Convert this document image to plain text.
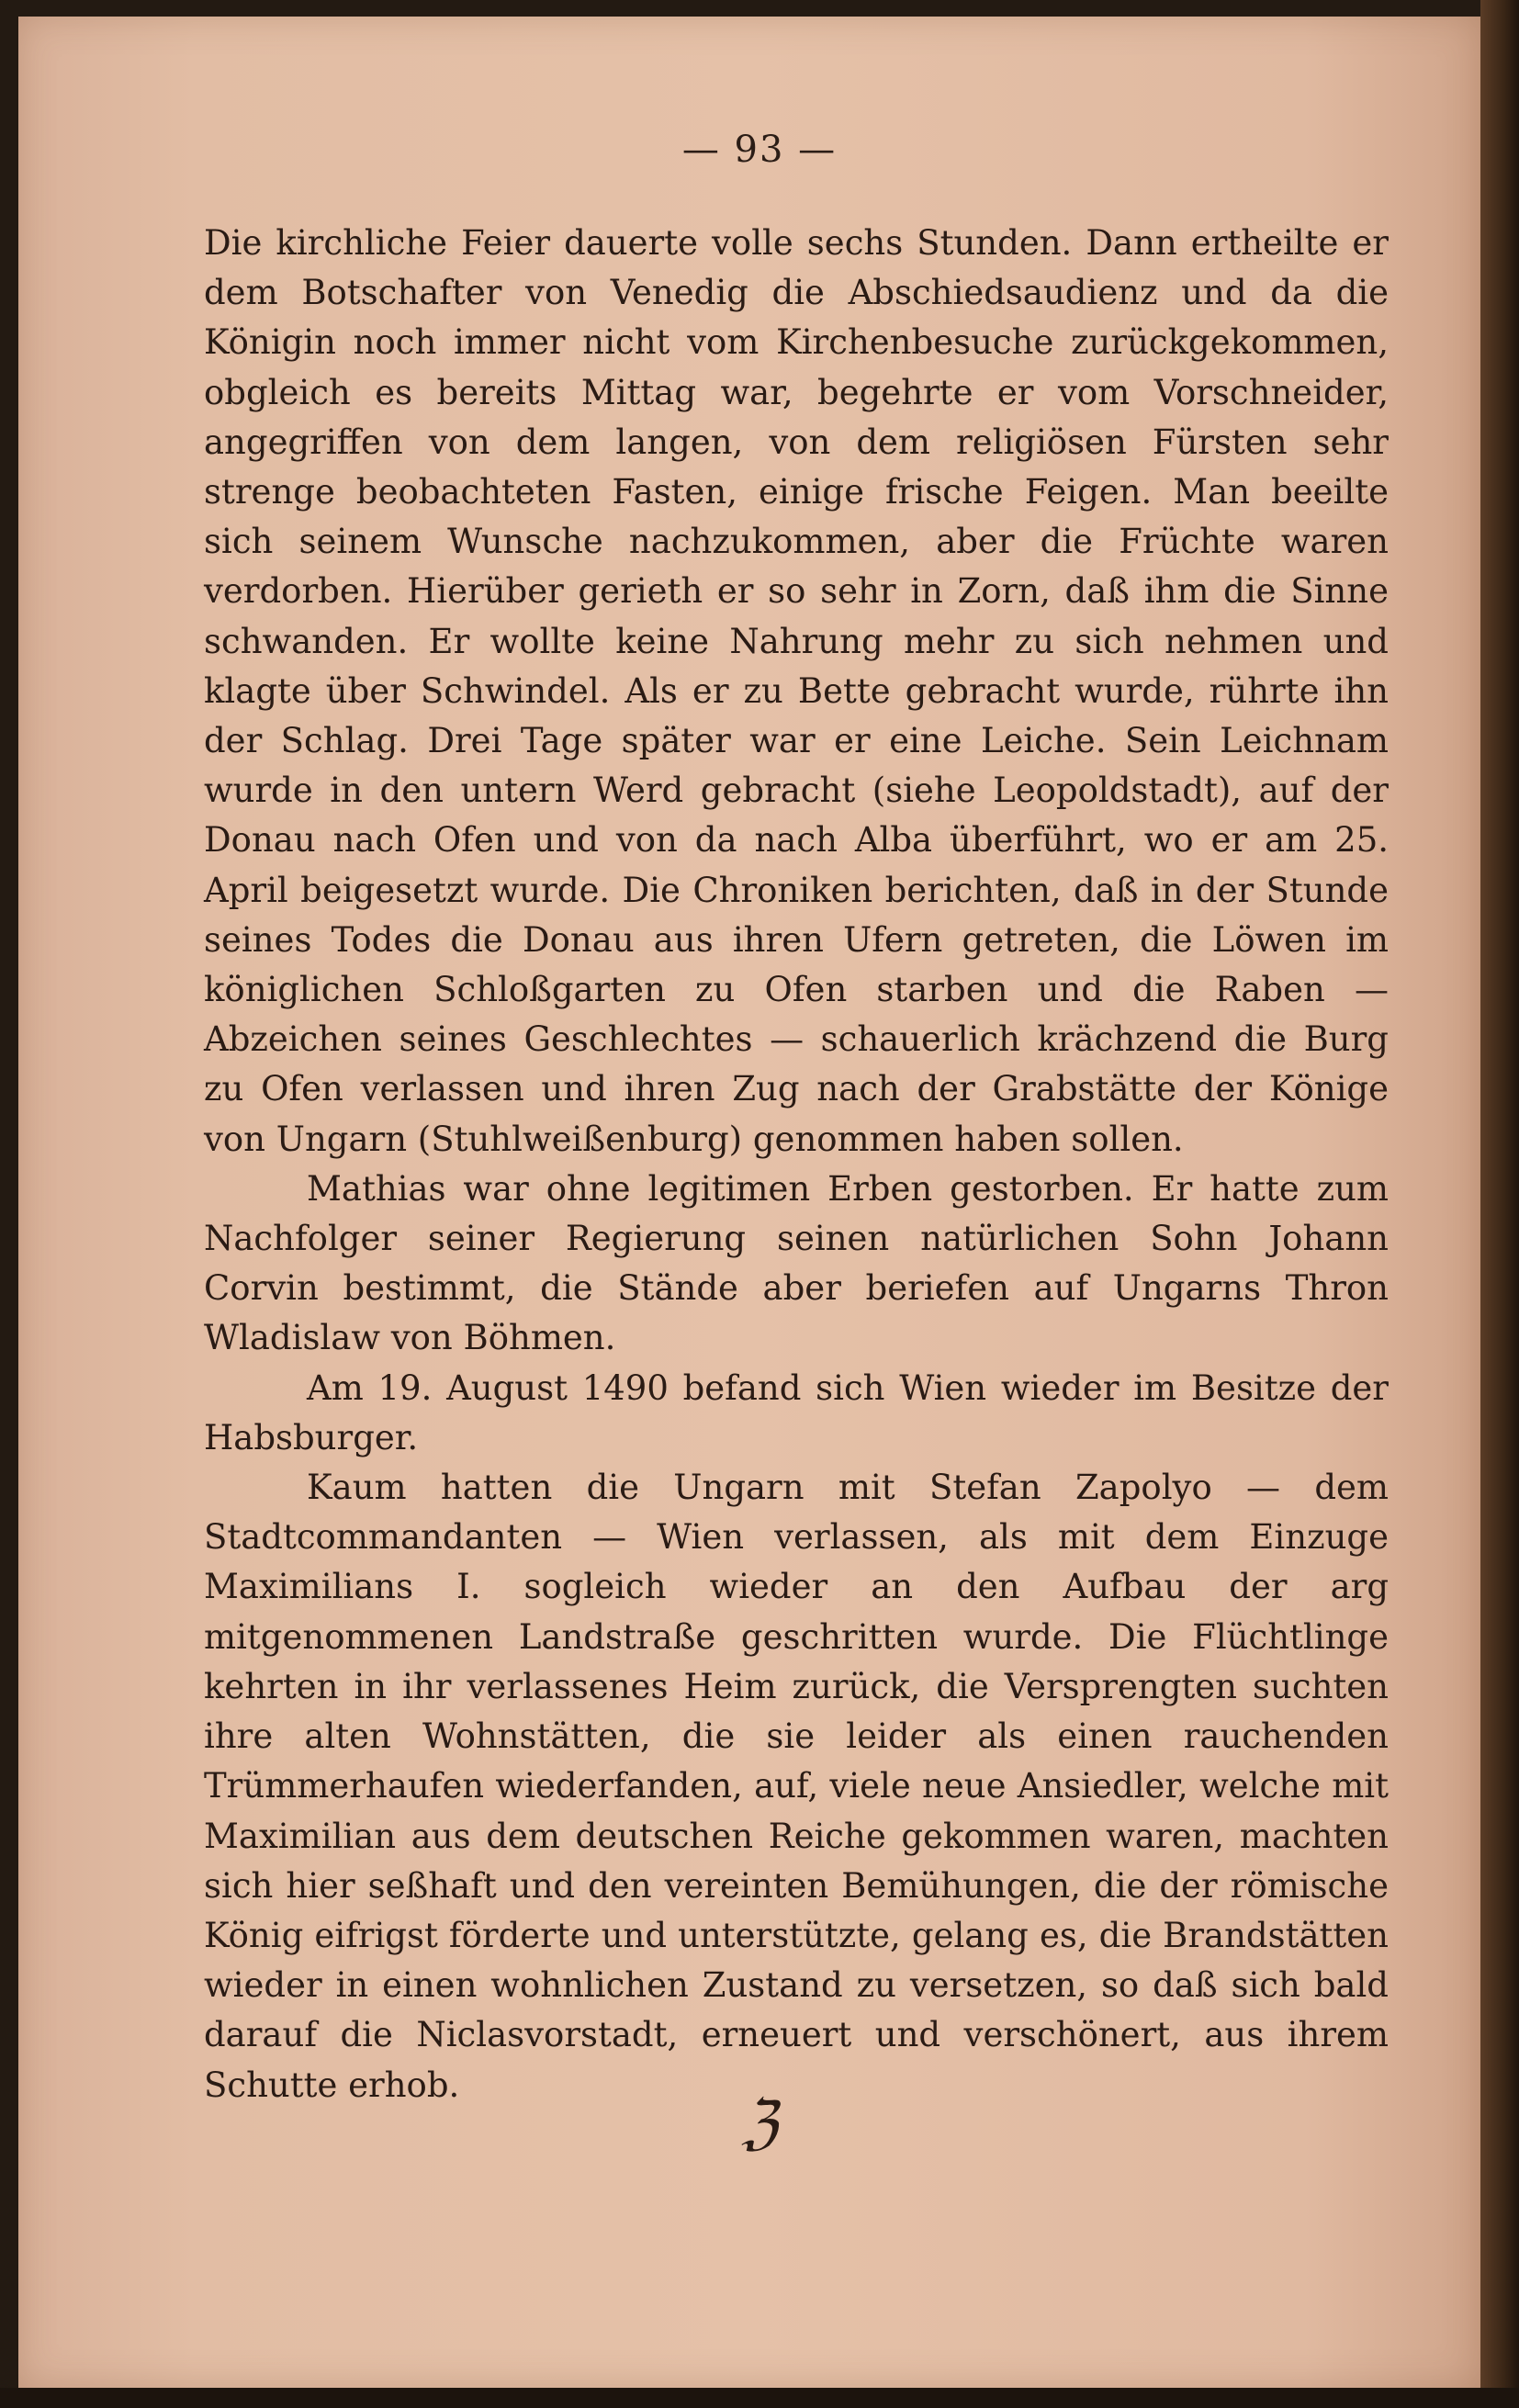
— 93 —

Die kirchliche Feier dauerte volle sechs Stunden. Dann ertheilte er dem Botschafter von Venedig die Abschiedsaudienz und da die Königin noch immer nicht vom Kirchenbesuche zurückgekommen, obgleich es bereits Mittag war, begehrte er vom Vorschneider, angegriffen von dem langen, von dem religiösen Fürsten sehr strenge beobachteten Fasten, einige frische Feigen. Man beeilte sich seinem Wunsche nachzukommen, aber die Früchte waren verdorben. Hierüber gerieth er so sehr in Zorn, daß ihm die Sinne schwanden. Er wollte keine Nahrung mehr zu sich nehmen und klagte über Schwindel. Als er zu Bette gebracht wurde, rührte ihn der Schlag. Drei Tage später war er eine Leiche. Sein Leichnam wurde in den untern Werd gebracht (siehe Leopoldstadt), auf der Donau nach Ofen und von da nach Alba überführt, wo er am 25. April beigesetzt wurde. Die Chroniken berichten, daß in der Stunde seines Todes die Donau aus ihren Ufern getreten, die Löwen im königlichen Schloßgarten zu Ofen starben und die Raben — Abzeichen seines Geschlechtes — schauerlich krächzend die Burg zu Ofen verlassen und ihren Zug nach der Grabstätte der Könige von Ungarn (Stuhlweißenburg) genommen haben sollen.

Mathias war ohne legitimen Erben gestorben. Er hatte zum Nachfolger seiner Regierung seinen natürlichen Sohn Johann Corvin bestimmt, die Stände aber beriefen auf Ungarns Thron Wladislaw von Böhmen.

Am 19. August 1490 befand sich Wien wieder im Besitze der Habsburger.

Kaum hatten die Ungarn mit Stefan Zapolyo — dem Stadtcommandanten — Wien verlassen, als mit dem Einzuge Maximilians I. sogleich wieder an den Aufbau der arg mitgenommenen Landstraße geschritten wurde. Die Flüchtlinge kehrten in ihr verlassenes Heim zurück, die Versprengten suchten ihre alten Wohnstätten, die sie leider als einen rauchenden Trümmerhaufen wiederfanden, auf, viele neue Ansiedler, welche mit Maximilian aus dem deutschen Reiche gekommen waren, machten sich hier seßhaft und den vereinten Bemühungen, die der römische König eifrigst förderte und unterstützte, gelang es, die Brandstätten wieder in einen wohnlichen Zustand zu versetzen, so daß sich bald darauf die Niclasvorstadt, erneuert und verschönert, aus ihrem Schutte erhob.

ℨ
